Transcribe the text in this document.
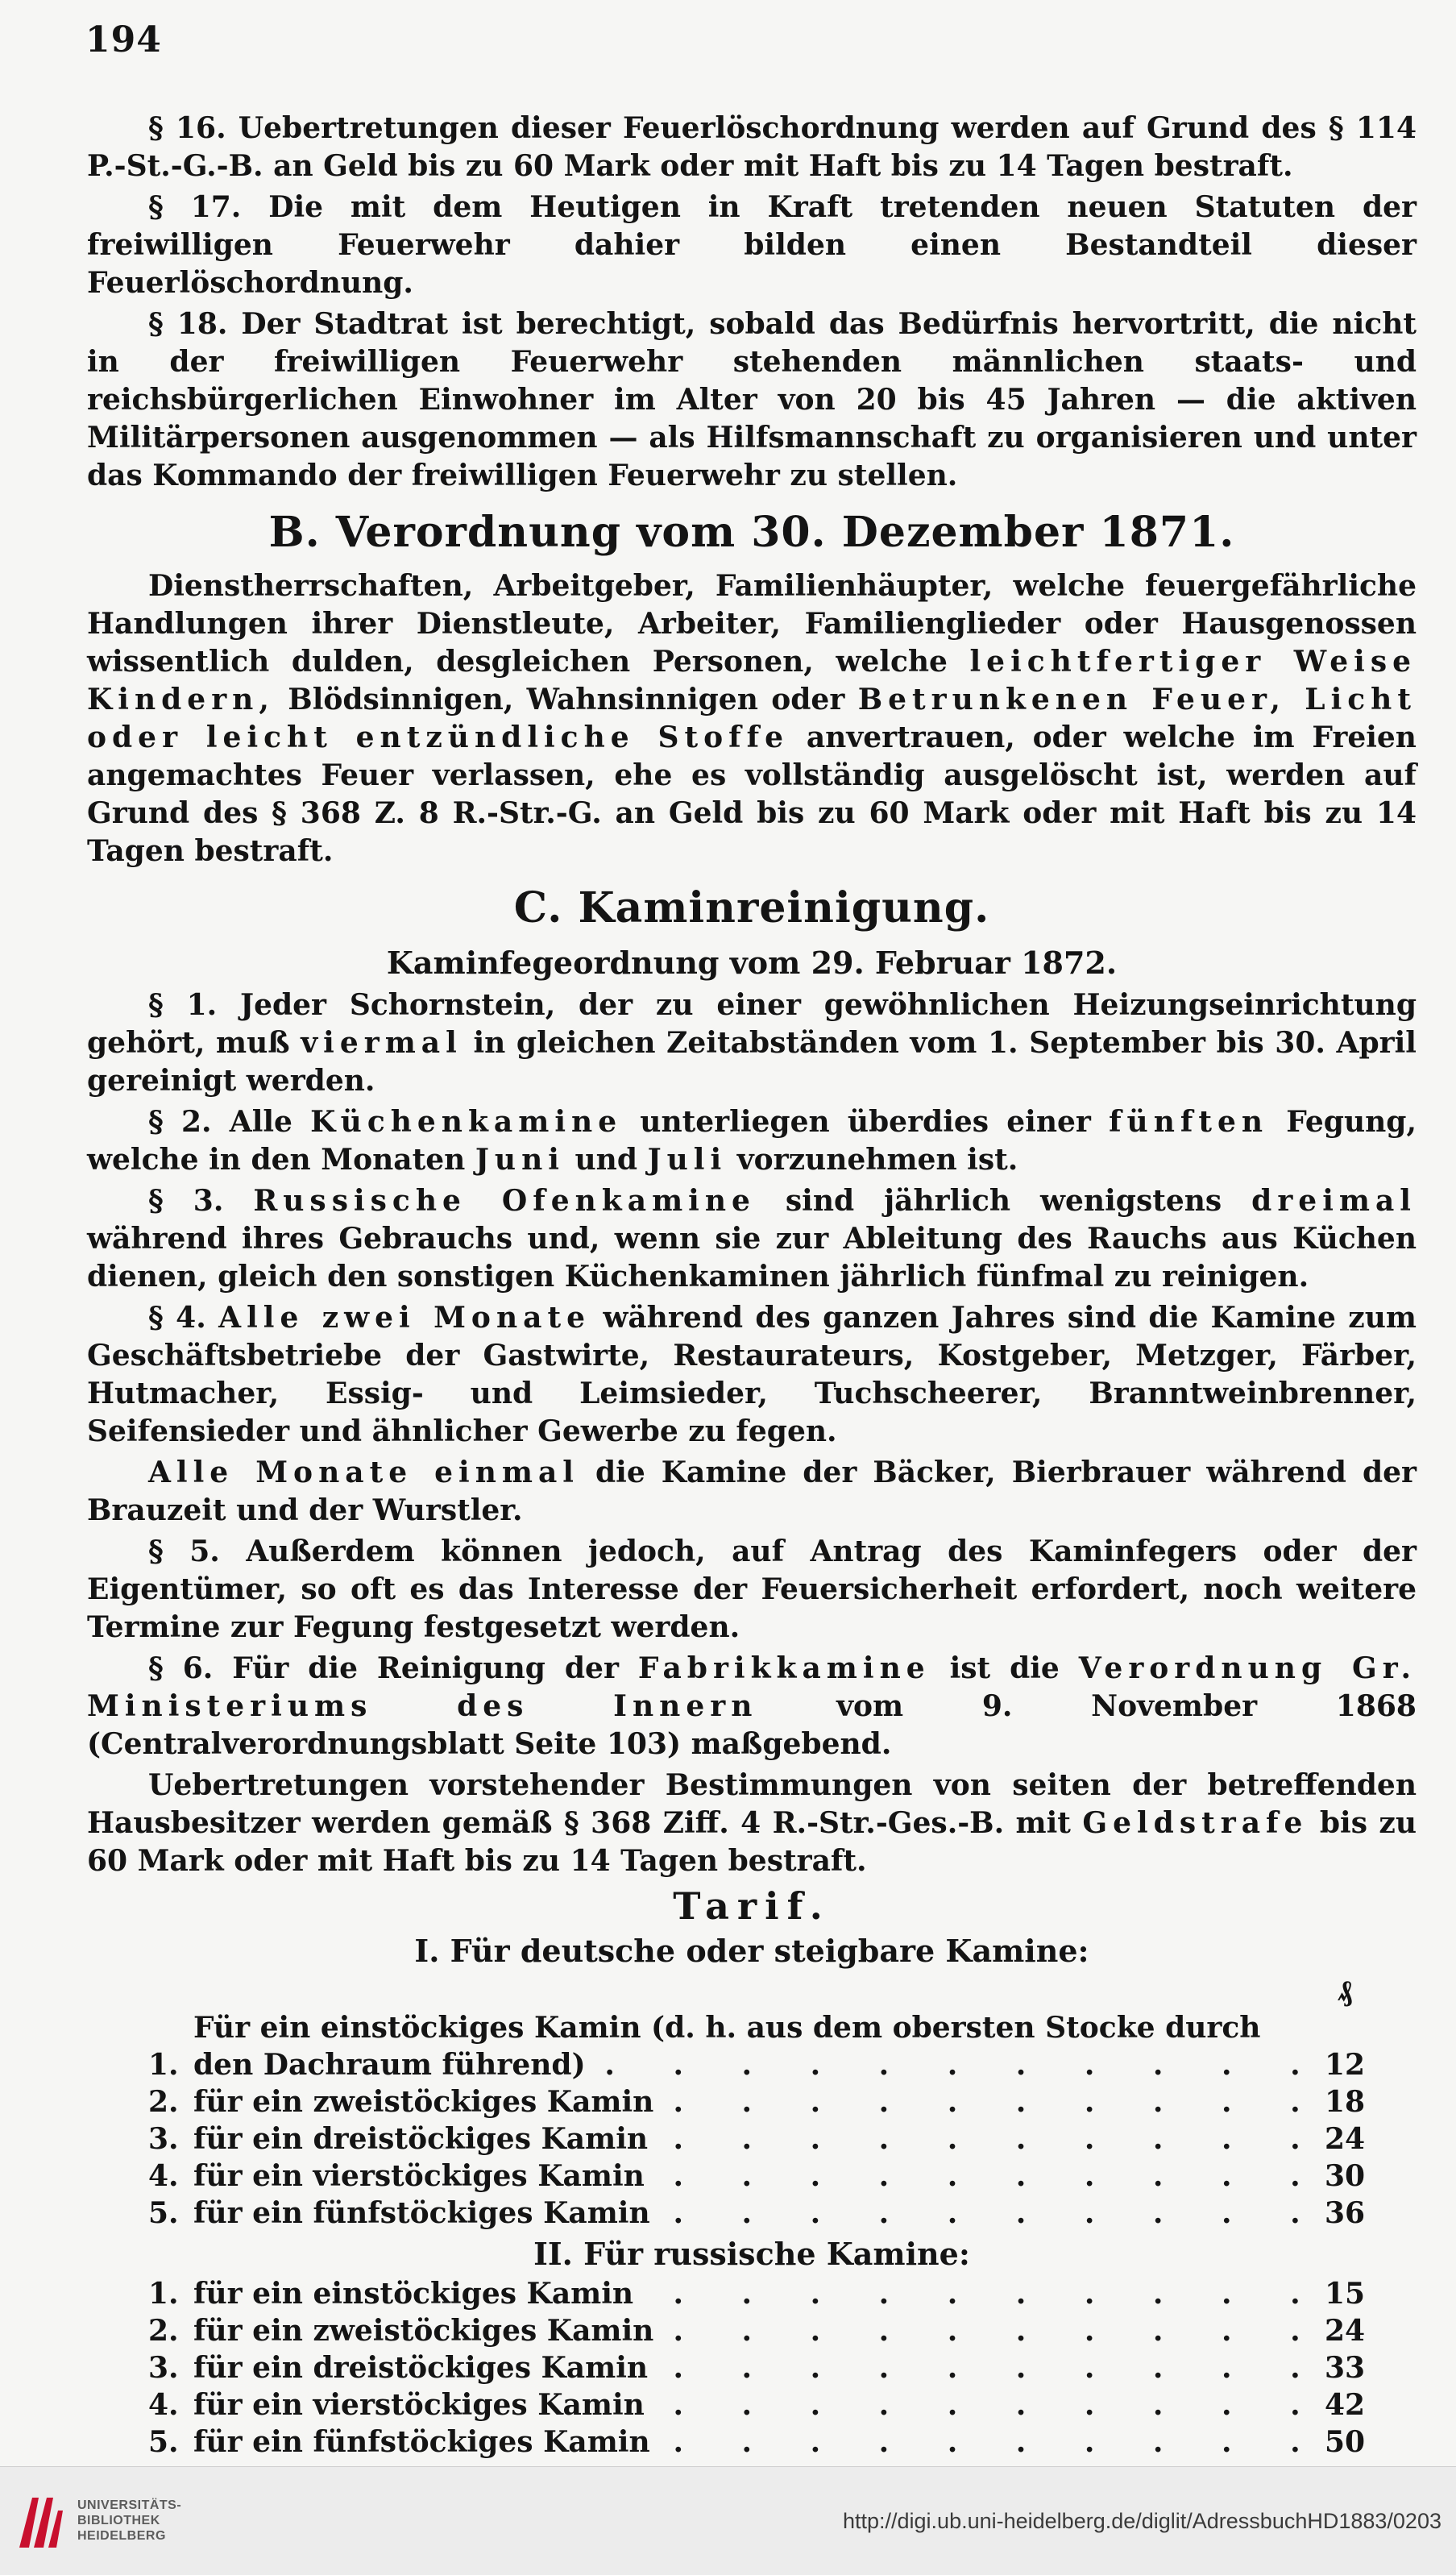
194

§ 16. Uebertretungen dieser Feuerlöschordnung werden auf Grund des § 114 P.-St.-G.-B. an Geld bis zu 60 Mark oder mit Haft bis zu 14 Tagen bestraft.

§ 17. Die mit dem Heutigen in Kraft tretenden neuen Statuten der freiwilligen Feuerwehr dahier bilden einen Bestandteil dieser Feuerlöschordnung.

§ 18. Der Stadtrat ist berechtigt, sobald das Bedürfnis hervortritt, die nicht in der freiwilligen Feuerwehr stehenden männlichen staats- und reichsbürgerlichen Einwohner im Alter von 20 bis 45 Jahren — die aktiven Militärpersonen ausgenommen — als Hilfsmannschaft zu organisieren und unter das Kommando der freiwilligen Feuerwehr zu stellen.

B. Verordnung vom 30. Dezember 1871.

Dienstherrschaften, Arbeitgeber, Familienhäupter, welche feuergefährliche Handlungen ihrer Dienstleute, Arbeiter, Familienglieder oder Hausgenossen wissentlich dulden, desgleichen Personen, welche leichtfertiger Weise Kindern, Blödsinnigen, Wahnsinnigen oder Betrunkenen Feuer, Licht oder leicht entzündliche Stoffe anvertrauen, oder welche im Freien angemachtes Feuer verlassen, ehe es vollständig ausgelöscht ist, werden auf Grund des § 368 Z. 8 R.-Str.-G. an Geld bis zu 60 Mark oder mit Haft bis zu 14 Tagen bestraft.

C. Kaminreinigung.
Kaminfegeordnung vom 29. Februar 1872.

§ 1. Jeder Schornstein, der zu einer gewöhnlichen Heizungseinrichtung gehört, muß viermal in gleichen Zeitabständen vom 1. September bis 30. April gereinigt werden.

§ 2. Alle Küchenkamine unterliegen überdies einer fünften Fegung, welche in den Monaten Juni und Juli vorzunehmen ist.

§ 3. Russische Ofenkamine sind jährlich wenigstens dreimal während ihres Gebrauchs und, wenn sie zur Ableitung des Rauchs aus Küchen dienen, gleich den sonstigen Küchenkaminen jährlich fünfmal zu reinigen.

§ 4. Alle zwei Monate während des ganzen Jahres sind die Kamine zum Geschäftsbetriebe der Gastwirte, Restaurateurs, Kostgeber, Metzger, Färber, Hutmacher, Essig- und Leimsieder, Tuchscheerer, Branntweinbrenner, Seifensieder und ähnlicher Gewerbe zu fegen.

Alle Monate einmal die Kamine der Bäcker, Bierbrauer während der Brauzeit und der Wurstler.

§ 5. Außerdem können jedoch, auf Antrag des Kaminfegers oder der Eigentümer, so oft es das Interesse der Feuersicherheit erfordert, noch weitere Termine zur Fegung festgesetzt werden.

§ 6. Für die Reinigung der Fabrikkamine ist die Verordnung Gr. Ministeriums des Innern	vom 9. November 1868 (Centralverordnungsblatt Seite 103) maßgebend.

Uebertretungen vorstehender Bestimmungen von seiten der betreffenden Hausbesitzer werden gemäß § 368 Ziff. 4 R.-Str.-Ges.-B. mit Geldstrafe bis zu 60 Mark oder mit Haft bis zu 14 Tagen bestraft.

Tarif.
I. Für deutsche oder steigbare Kamine:
		₰
1.	Für ein einstöckiges Kamin (d. h. aus dem obersten Stocke durch den Dachraum führend) . . .	12
2.	für ein zweistöckiges Kamin . . .	18
3.	für ein dreistöckiges Kamin . . .	24
4.	für ein vierstöckiges Kamin . . .	30
5.	für ein fünfstöckiges Kamin . . .	36
II. Für russische Kamine:
1.	für ein einstöckiges Kamin . . .	15
2.	für ein zweistöckiges Kamin . . .	24
3.	für ein dreistöckiges Kamin . . .	33
4.	für ein vierstöckiges Kamin . . .	42
5.	für ein fünfstöckiges Kamin . . .	50
UNIVERSITÄTS-
BIBLIOTHEK
HEIDELBERG
http://digi.ub.uni-heidelberg.de/diglit/AdressbuchHD1883/0203
